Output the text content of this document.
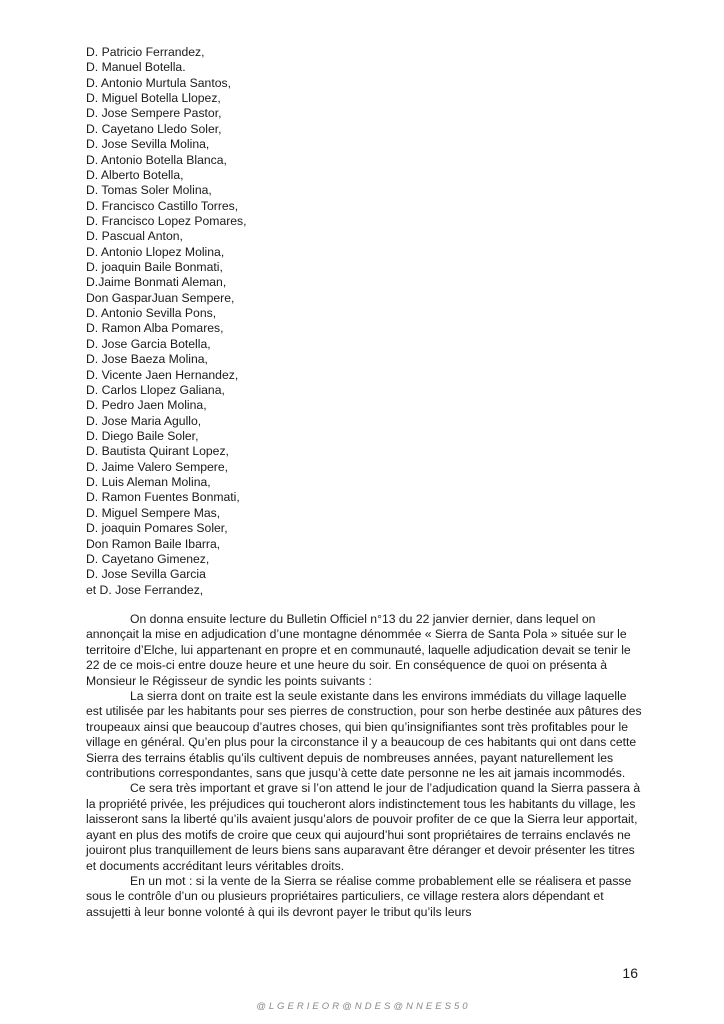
D. Patricio Ferrandez,
D. Manuel Botella.
D. Antonio Murtula Santos,
D. Miguel Botella Llopez,
D. Jose Sempere Pastor,
D. Cayetano Lledo Soler,
D. Jose Sevilla Molina,
D. Antonio Botella Blanca,
D. Alberto Botella,
D. Tomas Soler Molina,
D. Francisco Castillo Torres,
D. Francisco Lopez Pomares,
D. Pascual Anton,
D. Antonio Llopez Molina,
D. joaquin Baile Bonmati,
D.Jaime Bonmati Aleman,
Don GasparJuan Sempere,
D. Antonio Sevilla Pons,
D. Ramon Alba Pomares,
D. Jose Garcia Botella,
D. Jose Baeza Molina,
D. Vicente Jaen Hernandez,
D. Carlos Llopez Galiana,
D. Pedro Jaen Molina,
D. Jose Maria Agullo,
D. Diego Baile Soler,
D. Bautista Quirant Lopez,
D. Jaime Valero Sempere,
D. Luis Aleman Molina,
D. Ramon Fuentes Bonmati,
D. Miguel Sempere Mas,
D. joaquin Pomares Soler,
Don Ramon Baile Ibarra,
D. Cayetano Gimenez,
D. Jose Sevilla Garcia
et D. Jose Ferrandez,

On donna ensuite lecture du Bulletin Officiel n°13 du 22 janvier dernier, dans lequel on annonçait la mise en adjudication d’une montagne dénommée « Sierra de Santa Pola » située sur le territoire d’Elche, lui appartenant en propre et en communauté, laquelle adjudication devait se tenir le 22 de ce mois-ci entre douze heure et une heure du soir. En conséquence de quoi on présenta à Monsieur le Régisseur de syndic les points suivants :

La sierra dont on traite est la seule existante dans les environs immédiats du village laquelle est utilisée par les habitants pour ses pierres de construction, pour son herbe destinée aux pâtures des troupeaux ainsi que beaucoup d’autres choses, qui bien qu’insignifiantes sont très profitables pour le village en général. Qu’en plus pour la circonstance il y a beaucoup de ces habitants qui ont dans cette Sierra des terrains établis qu’ils cultivent depuis de nombreuses années, payant naturellement les contributions correspondantes, sans que jusqu’à cette date personne ne les ait jamais incommodés.

Ce sera très important et grave si l’on attend le jour de l’adjudication quand la Sierra passera à la propriété privée, les préjudices qui toucheront alors indistinctement tous les habitants du village, les laisseront sans la liberté qu’ils avaient jusqu’alors de pouvoir profiter de ce que la Sierra leur apportait, ayant en plus des motifs de croire que ceux qui aujourd’hui sont propriétaires de terrains enclavés ne jouiront plus tranquillement de leurs biens sans auparavant être déranger et devoir présenter les titres et documents accréditant leurs véritables droits.

En un mot : si la vente de la Sierra se réalise comme probablement elle se réalisera et passe sous le contrôle d’un ou plusieurs propriétaires particuliers, ce village restera alors dépendant et assujetti à leur bonne volonté à qui ils devront payer le tribut qu’ils leurs

16
@ L G E R I E O R @ N D E S @ N N E E S 5 0
